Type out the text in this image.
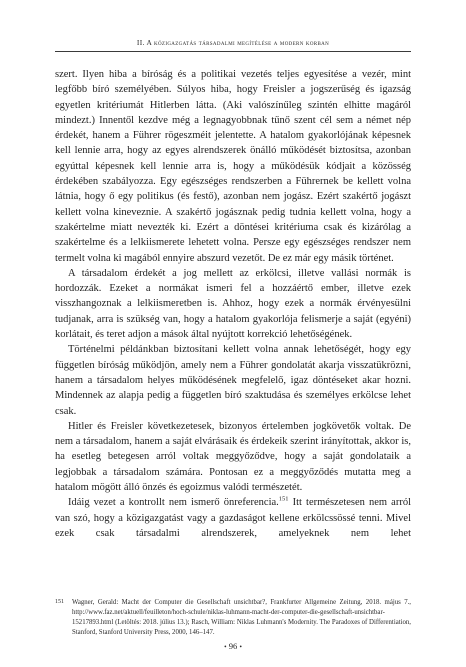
II. A közigazgatás társadalmi megítélése a modern korban

szert. Ilyen hiba a bíróság és a politikai vezetés teljes egyesítése a vezér, mint legfőbb bíró személyében. Súlyos hiba, hogy Freisler a jogszerűség és igazság egyetlen kritériumát Hitlerben látta. (Aki valószínűleg szintén elhitte magáról mindezt.) Innentől kezdve még a legnagyobbnak tűnő szent cél sem a német nép érdekét, hanem a Führer rögeszméit jelentette. A hatalom gyakorlójának képesnek kell lennie arra, hogy az egyes alrendszerek önálló működését biztosítsa, azonban egyúttal képesnek kell lennie arra is, hogy a működésük kódjait a közösség érdekében szabályozza. Egy egészséges rendszerben a Führernek be kellett volna látnia, hogy ő egy politikus (és festő), azonban nem jogász. Ezért szakértő jogászt kellett volna kineveznie. A szakértő jogásznak pedig tudnia kellett volna, hogy a szakértelme miatt nevezték ki. Ezért a döntései kritériuma csak és kizárólag a szakértelme és a lelkiismerete lehetett volna. Persze egy egészséges rendszer nem termelt volna ki magából ennyire abszurd vezetőt. De ez már egy másik történet.

A társadalom érdekét a jog mellett az erkölcsi, illetve vallási normák is hordozzák. Ezeket a normákat ismeri fel a hozzáértő ember, illetve ezek visszhangoznak a lelkiismeretben is. Ahhoz, hogy ezek a normák érvényesülni tudjanak, arra is szükség van, hogy a hatalom gyakorlója felismerje a saját (egyéni) korlátait, és teret adjon a mások által nyújtott korrekció lehetőségének.

Történelmi példánkban biztosítani kellett volna annak lehetőségét, hogy egy független bíróság működjön, amely nem a Führer gondolatát akarja visszatükrözni, hanem a társadalom helyes működésének megfelelő, igaz döntéseket akar hozni. Mindennek az alapja pedig a független bíró szaktudása és személyes erkölcse lehet csak.

Hitler és Freisler következetesek, bizonyos értelemben jogkövetők voltak. De nem a társadalom, hanem a saját elvárásaik és érdekeik szerint irányítottak, akkor is, ha esetleg betegesen arról voltak meggyőződve, hogy a saját gondolataik a legjobbak a társadalom számára. Pontosan ez a meggyőződés mutatta meg a hatalom mögött álló önzés és egoizmus valódi természetét.

Idáig vezet a kontrollt nem ismerő önreferencia.$^{151}$ Itt természetesen nem arról van szó, hogy a közigazgatást vagy a gazdaságot kellene erkölcssössé tenni. Mivel ezek csak társadalmi alrendszerek, amelyeknek nem lehet

151 Wagner, Gerald: Macht der Computer die Gesellschaft unsichtbar?, Frankfurter Allgemeine Zeitung, 2018. május 7., http://www.faz.net/aktuell/feuilleton/hoch-schule/niklas-luhmann-macht-der-computer-die-gesellschaft-unsichtbar-15217893.html (Letöltés: 2018. július 13.); Rasch, William: Niklas Luhmann's Modernity. The Paradoxes of Differentiation, Stanford, Stanford University Press, 2000, 146–147.
• 96 •
